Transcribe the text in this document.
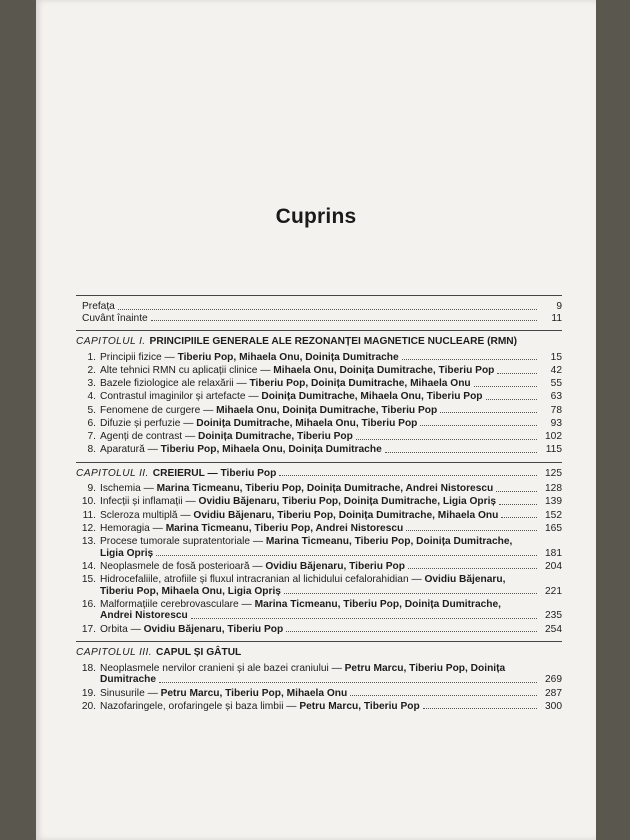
Cuprins
Prefața	9
Cuvânt înainte	11
CAPITOLUL I. PRINCIPIILE GENERALE ALE REZONANȚEI MAGNETICE NUCLEARE (RMN)
1. Principii fizice — Tiberiu Pop, Mihaela Onu, Doinița Dumitrache	15
2. Alte tehnici RMN cu aplicații clinice — Mihaela Onu, Doinița Dumitrache, Tiberiu Pop	42
3. Bazele fiziologice ale relaxării — Tiberiu Pop, Doinița Dumitrache, Mihaela Onu	55
4. Contrastul imaginilor și artefacte — Doinița Dumitrache, Mihaela Onu, Tiberiu Pop	63
5. Fenomene de curgere — Mihaela Onu, Doinița Dumitrache, Tiberiu Pop	78
6. Difuzie și perfuzie — Doinița Dumitrache, Mihaela Onu, Tiberiu Pop	93
7. Agenți de contrast — Doinița Dumitrache, Tiberiu Pop	102
8. Aparatură — Tiberiu Pop, Mihaela Onu, Doinița Dumitrache	115
CAPITOLUL II. CREIERUL — Tiberiu Pop	125
9. Ischemia — Marina Ticmeanu, Tiberiu Pop, Doinița Dumitrache, Andrei Nistorescu	128
10. Infecții și inflamații — Ovidiu Băjenaru, Tiberiu Pop, Doinița Dumitrache, Ligia Opriș	139
11. Scleroza multiplă — Ovidiu Băjenaru, Tiberiu Pop, Doinița Dumitrache, Mihaela Onu	152
12. Hemoragia — Marina Ticmeanu, Tiberiu Pop, Andrei Nistorescu	165
13. Procese tumorale supratentoriale — Marina Ticmeanu, Tiberiu Pop, Doinița Dumitrache,
Ligia Opriș	181
14. Neoplasmele de fosă posterioară — Ovidiu Băjenaru, Tiberiu Pop	204
15. Hidrocefaliile, atrofiile și fluxul intracranian al lichidului cefalorahidian — Ovidiu Băjenaru,
Tiberiu Pop, Mihaela Onu, Ligia Opriș	221
16. Malformațiile cerebrovasculare — Marina Ticmeanu, Tiberiu Pop, Doinița Dumitrache,
Andrei Nistorescu	235
17. Orbita — Ovidiu Băjenaru, Tiberiu Pop	254
CAPITOLUL III. CAPUL ȘI GÂTUL
18. Neoplasmele nervilor cranieni și ale bazei craniului — Petru Marcu, Tiberiu Pop, Doinița
Dumitrache	269
19. Sinusurile — Petru Marcu, Tiberiu Pop, Mihaela Onu	287
20. Nazofaringele, orofaringele și baza limbii — Petru Marcu, Tiberiu Pop	300
